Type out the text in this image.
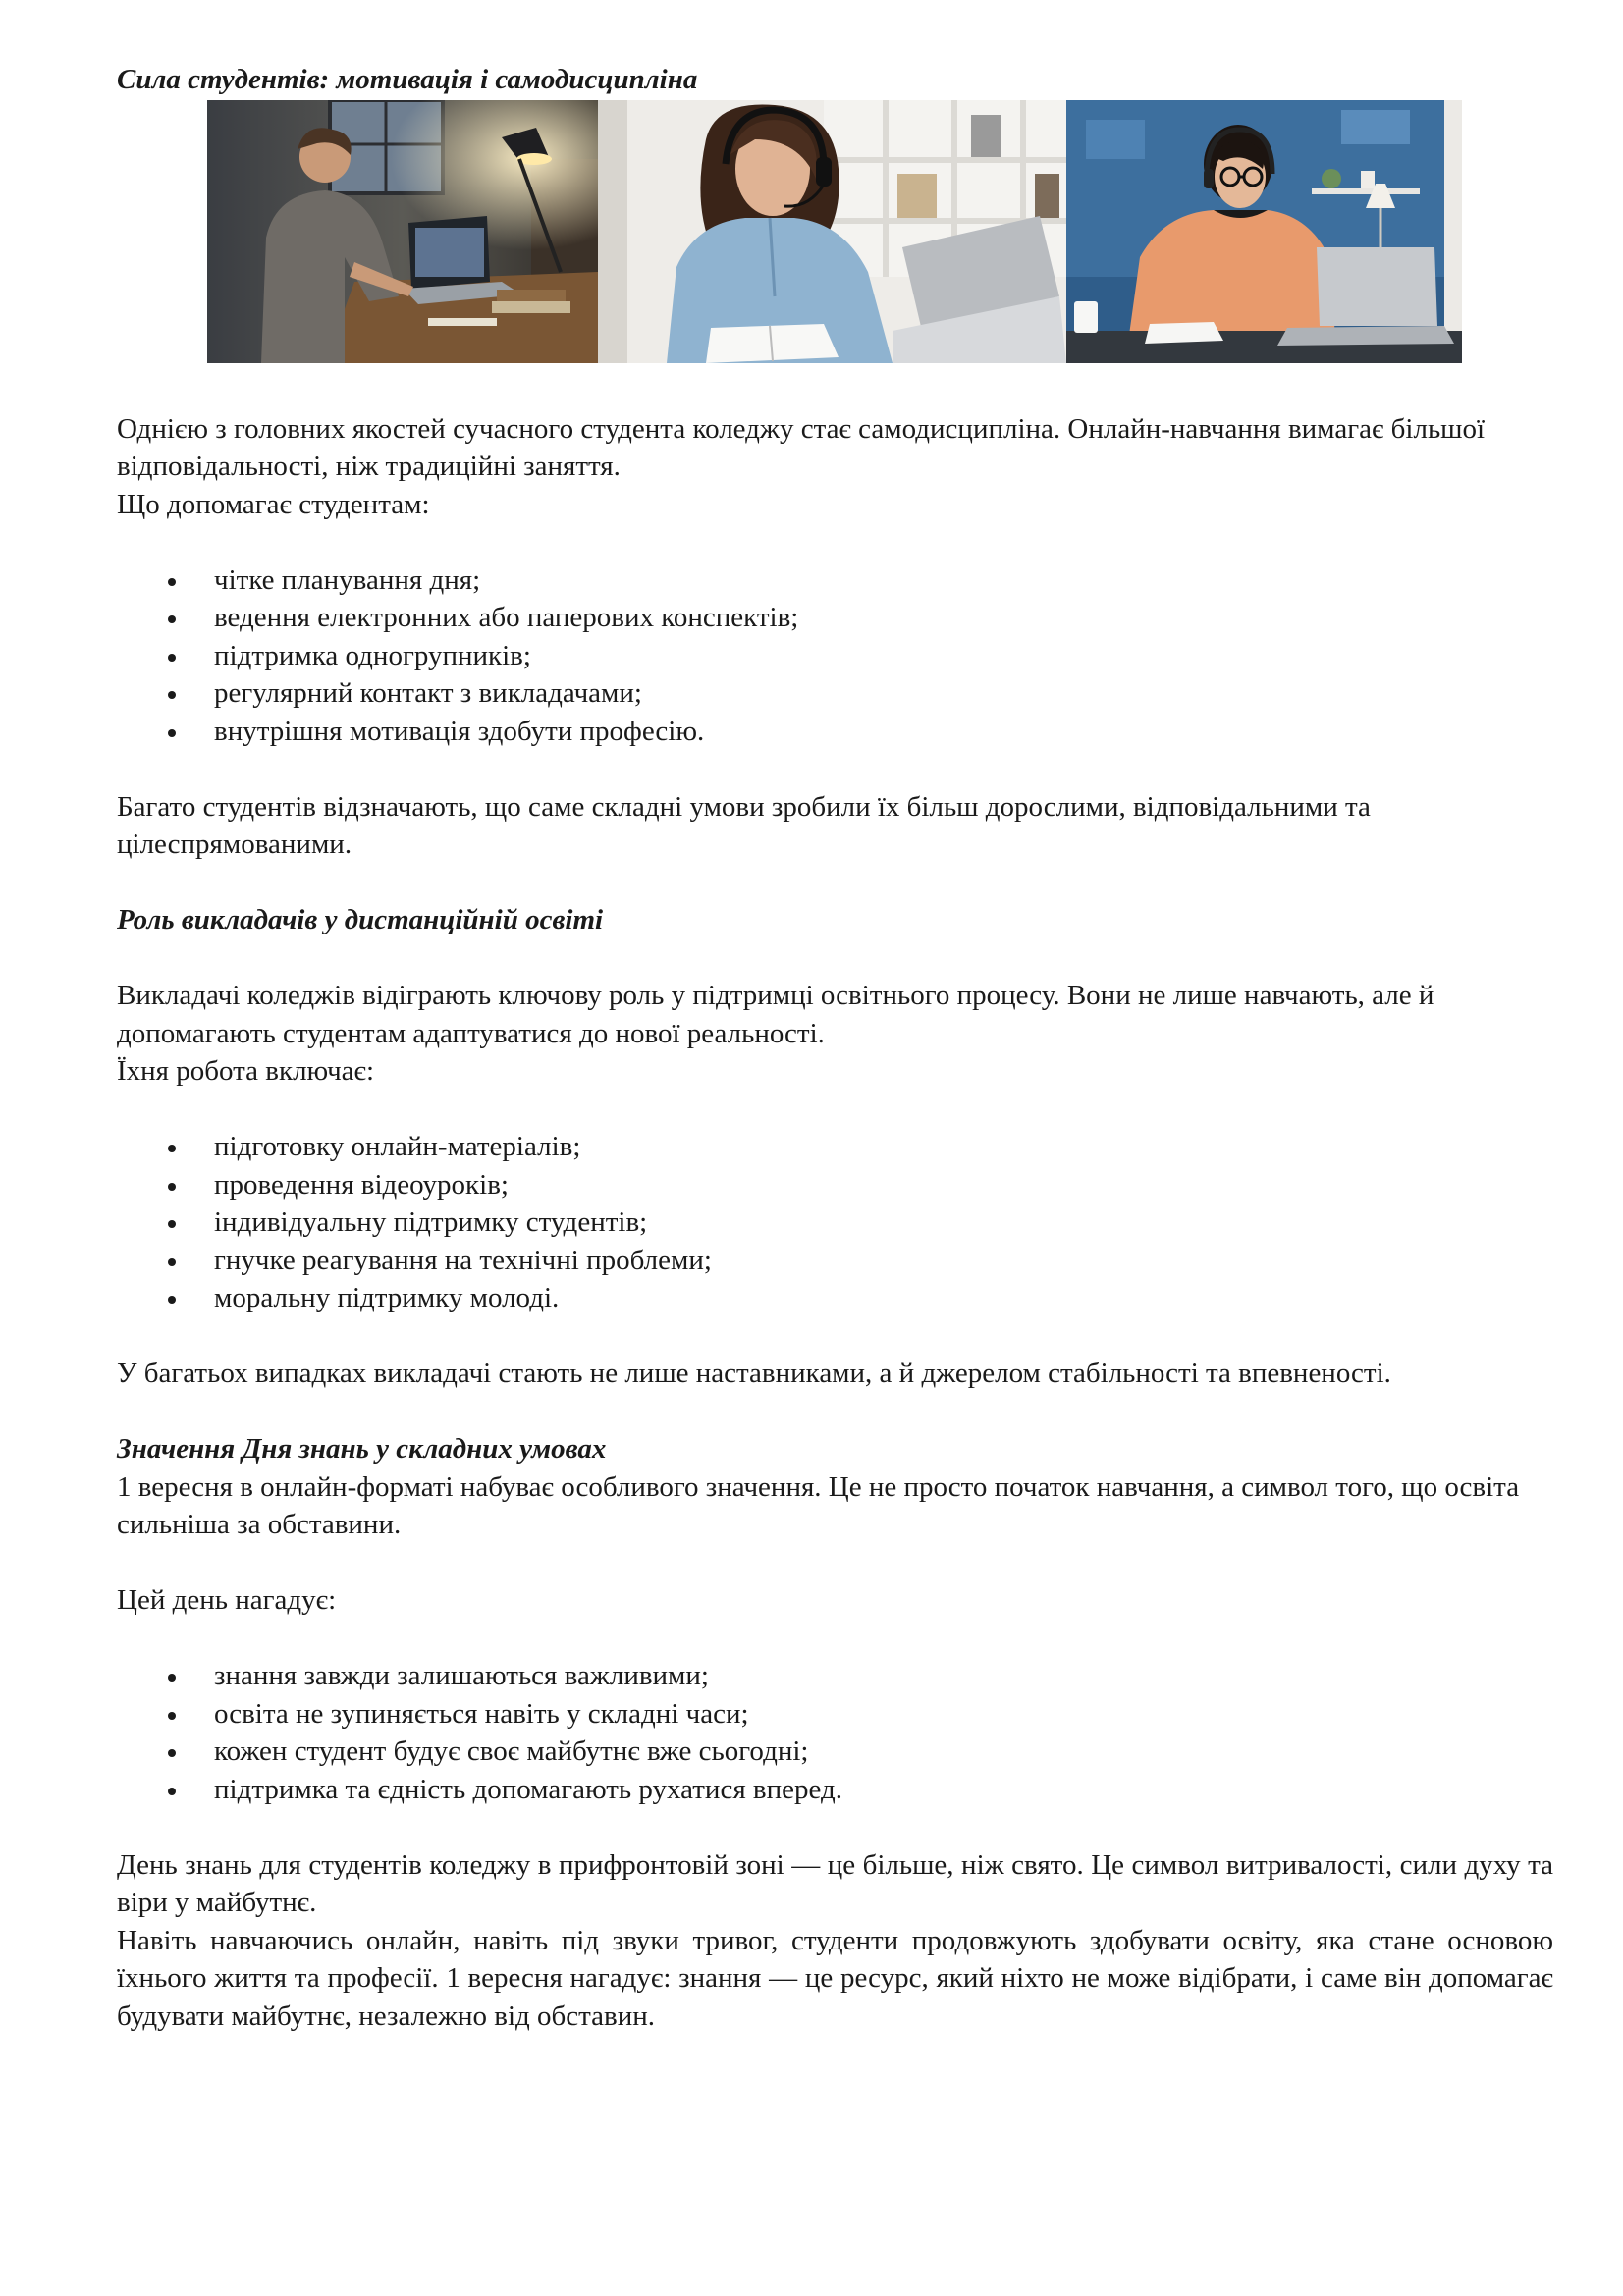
Сила студентів: мотивація і самодисципліна

Однією з головних якостей сучасного студента коледжу стає самодисципліна. Онлайн-навчання вимагає більшої відповідальності, ніж традиційні заняття.

Що допомагає студентам:

чітке планування дня;
ведення електронних або паперових конспектів;
підтримка одногрупників;
регулярний контакт з викладачами;
внутрішня мотивація здобути професію.

Багато студентів відзначають, що саме складні умови зробили їх більш дорослими, відповідальними та цілеспрямованими.

Роль викладачів у дистанційній освіті

Викладачі коледжів відіграють ключову роль у підтримці освітнього процесу. Вони не лише навчають, але й допомагають студентам адаптуватися до нової реальності.

Їхня робота включає:

підготовку онлайн-матеріалів;
проведення відеоуроків;
індивідуальну підтримку студентів;
гнучке реагування на технічні проблеми;
моральну підтримку молоді.

У багатьох випадках викладачі стають не лише наставниками, а й джерелом стабільності та впевненості.

Значення Дня знань у складних умовах

1 вересня в онлайн-форматі набуває особливого значення. Це не просто початок навчання, а символ того, що освіта сильніша за обставини.

Цей день нагадує:

знання завжди залишаються важливими;
освіта не зупиняється навіть у складні часи;
кожен студент будує своє майбутнє вже сьогодні;
підтримка та єдність допомагають рухатися вперед.

День знань для студентів коледжу в прифронтовій зоні — це більше, ніж свято. Це символ витривалості, сили духу та віри у майбутнє.

Навіть навчаючись онлайн, навіть під звуки тривог, студенти продовжують здобувати освіту, яка стане основою їхнього життя та професії. 1 вересня нагадує: знання — це ресурс, який ніхто не може відібрати, і саме він допомагає будувати майбутнє, незалежно від обставин.
